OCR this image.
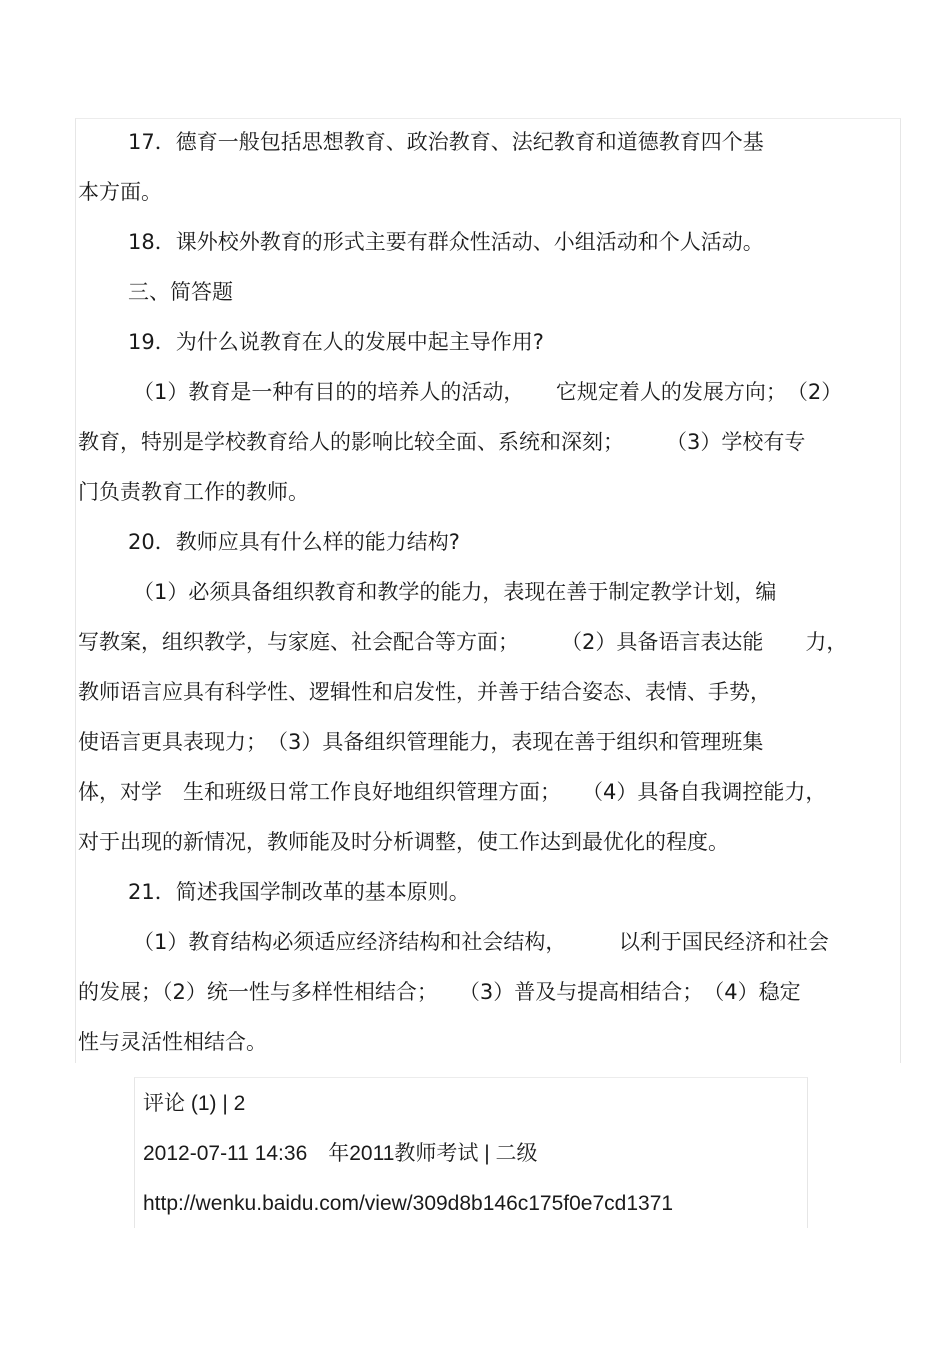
17．德育一般包括思想教育、政治教育、法纪教育和道德教育四个基
本方面。
18．课外校外教育的形式主要有群众性活动、小组活动和个人活动。
三、简答题
19．为什么说教育在人的发展中起主导作用?
（1）教育是一种有目的的培养人的活动，　　它规定着人的发展方向；　（2）
教育，特别是学校教育给人的影响比较全面、系统和深刻；　　　（3）学校有专
门负责教育工作的教师。
20．教师应具有什么样的能力结构?
（1）必须具备组织教育和教学的能力，表现在善于制定教学计划，编
写教案，组织教学，与家庭、社会配合等方面；　　　（2）具备语言表达能　　力，
教师语言应具有科学性、逻辑性和启发性，并善于结合姿态、表情、手势，
使语言更具表现力；　（3）具备组织管理能力，表现在善于组织和管理班集
体，对学　生和班级日常工作良好地组织管理方面；　　（4）具备自我调控能力，
对于出现的新情况，教师能及时分析调整，使工作达到最优化的程度。
21．简述我国学制改革的基本原则。
（1）教育结构必须适应经济结构和社会结构，　　　以利于国民经济和社会
的发展；（2）统一性与多样性相结合；　　（3）普及与提高相结合；　（4）稳定
性与灵活性相结合。
评论 (1) | 2
2012-07-11 14:36　年2011教师考试 | 二级
http://wenku.baidu.com/view/309d8b146c175f0e7cd1371
